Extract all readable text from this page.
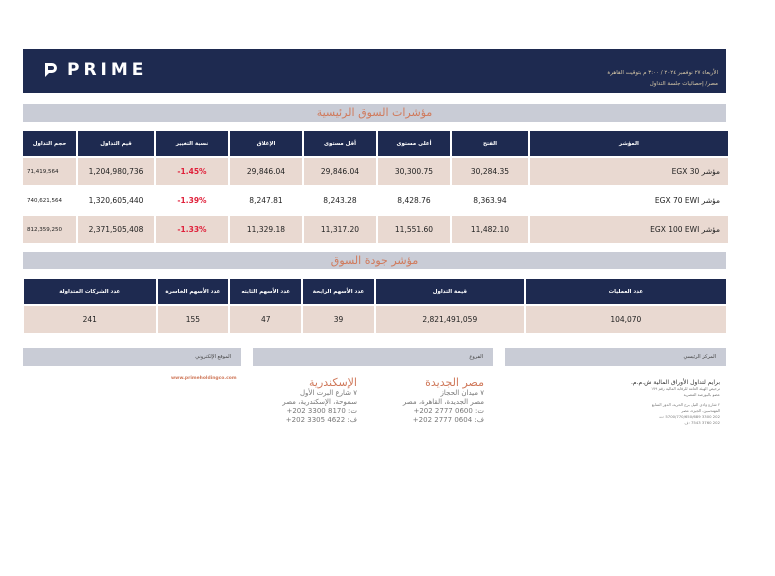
PRIME	الأربعاء ٢٧ نوفمبر ٢٠٢٤ / ٣:٠٠ م بتوقيت القاهرة
مصر/ إحصائيات جلسة التداول
مؤشرات السوق الرئيسية
حجم التداول	قيم التداول	نسبة التغيير	الإغلاق	أقل مستوى	أعلى مستوى	الفتح	المؤشر
71,419,564	1,204,980,736	-1.45%	29,846.04	29,846.04	30,300.75	30,284.35	مؤشر EGX 30
740,621,564	1,320,605,440	-1.39%	8,247.81	8,243.28	8,428.76	8,363.94	مؤشر EGX 70 EWI
812,359,250	2,371,505,408	-1.33%	11,329.18	11,317.20	11,551.60	11,482.10	مؤشر EGX 100 EWI
مؤشر جودة السوق
عدد الشركات المتداولة	عدد الأسهم الخاسرة	عدد الأسهم الثابته	عدد الأسهم الرابحة	قيمة التداول	عدد العمليات
241	155	47	39	2,821,491,059	104,070
الموقع الإلكتروني	الفروع	المركز الرئيسي
www.primeholdingco.com	الإسكندرية
٧ شارع البرت الأول
سموحة، الإسكندرية، مصر
ت: 8170 3300 202+
ف: 4622 3305 202+
مصر الجديدة
٧ ميدان الحجاز
مصر الجديدة، القاهرة، مصر
ت: 0600 2777 202+
ف: 0604 2777 202+
برايم لتداول الأوراق المالية ش.م.م.
ترخيص الهيئة العامة للرقابة المالية رقم ١٧٩
عضو بالبورصة المصرية
٢ شارع وادي النيل برج الحرية، الدور السابع
المهندسين، الجيزة، مصر
202 3300 5700/770/650/689 :ت
202 3760 7543 :ف
